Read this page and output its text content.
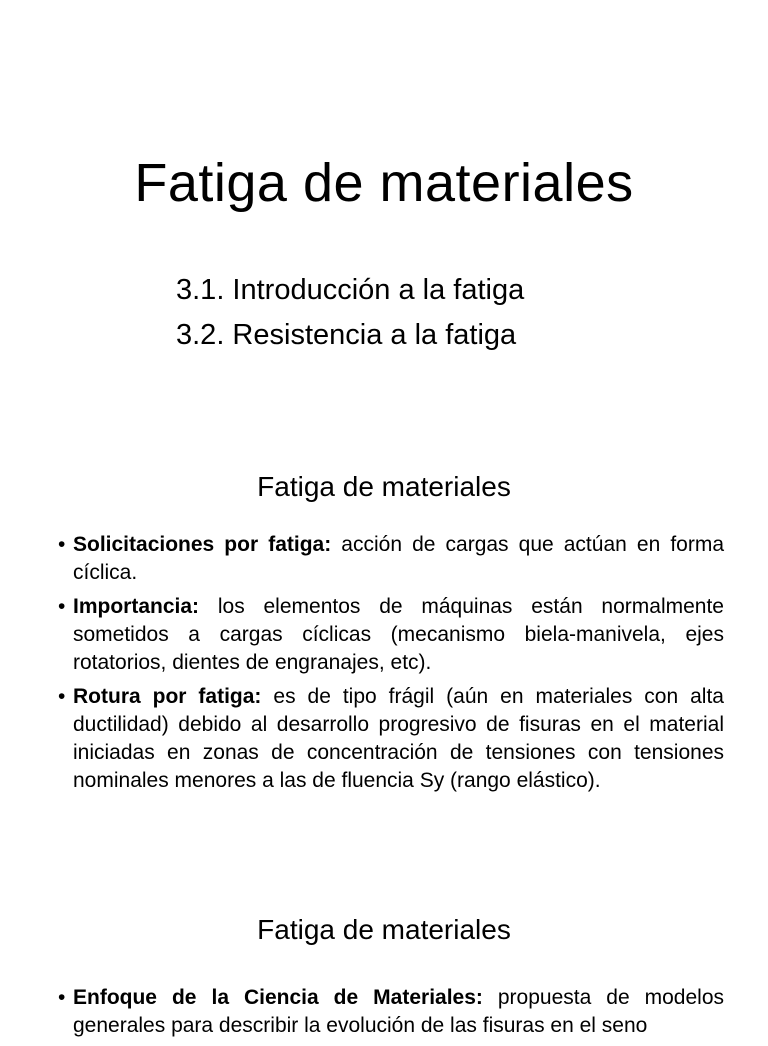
Fatiga de materiales
3.1. Introducción a la fatiga
3.2. Resistencia a la fatiga
Fatiga de materiales
• Solicitaciones por fatiga: acción de cargas que actúan en forma cíclica.
• Importancia: los elementos de máquinas están normalmente sometidos a cargas cíclicas (mecanismo biela-manivela, ejes rotatorios, dientes de engranajes, etc).
• Rotura por fatiga: es de tipo frágil (aún en materiales con alta ductilidad) debido al desarrollo progresivo de fisuras en el material iniciadas en zonas de concentración de tensiones con tensiones nominales menores a las de fluencia Sy (rango elástico).
Fatiga de materiales
• Enfoque de la Ciencia de Materiales: propuesta de modelos generales para describir la evolución de las fisuras en el seno
